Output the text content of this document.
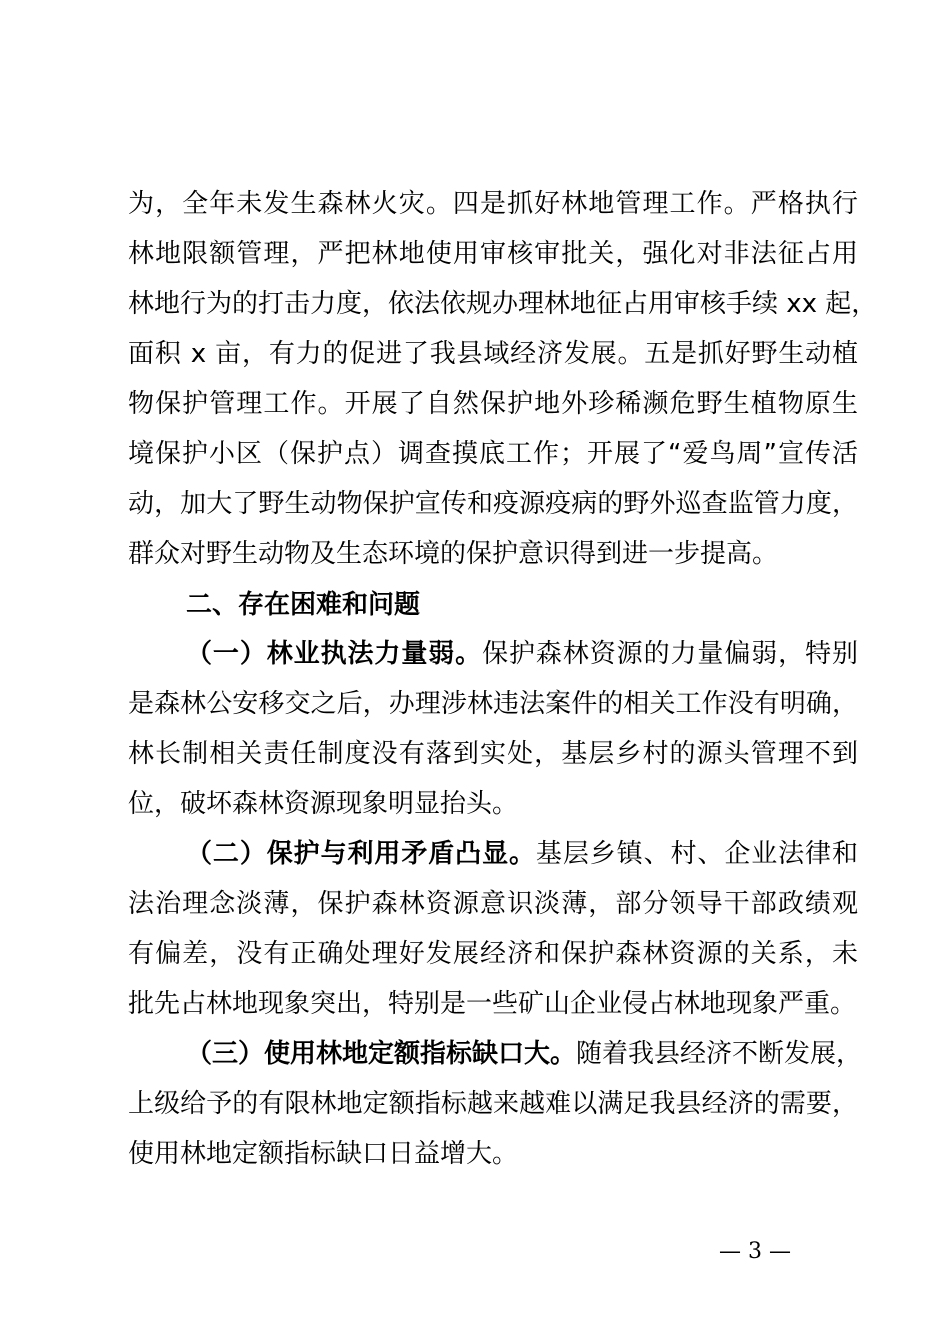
为，全年未发生森林火灾。四是抓好林地管理工作。严格执行
林地限额管理，严把林地使用审核审批关，强化对非法征占用
林地行为的打击力度，依法依规办理林地征占用审核手续 xx 起，
面积 x 亩，有力的促进了我县域经济发展。五是抓好野生动植
物保护管理工作。开展了自然保护地外珍稀濒危野生植物原生
境保护小区（保护点）调查摸底工作；开展了“爱鸟周”宣传活
动，加大了野生动物保护宣传和疫源疫病的野外巡查监管力度，
群众对野生动物及生态环境的保护意识得到进一步提高。
二、存在困难和问题
（一）林业执法力量弱。保护森林资源的力量偏弱，特别
是森林公安移交之后，办理涉林违法案件的相关工作没有明确，
林长制相关责任制度没有落到实处，基层乡村的源头管理不到
位，破坏森林资源现象明显抬头。
（二）保护与利用矛盾凸显。基层乡镇、村、企业法律和
法治理念淡薄，保护森林资源意识淡薄，部分领导干部政绩观
有偏差，没有正确处理好发展经济和保护森林资源的关系，未
批先占林地现象突出，特别是一些矿山企业侵占林地现象严重。
（三）使用林地定额指标缺口大。随着我县经济不断发展，
上级给予的有限林地定额指标越来越难以满足我县经济的需要，
使用林地定额指标缺口日益增大。
— 3 —
